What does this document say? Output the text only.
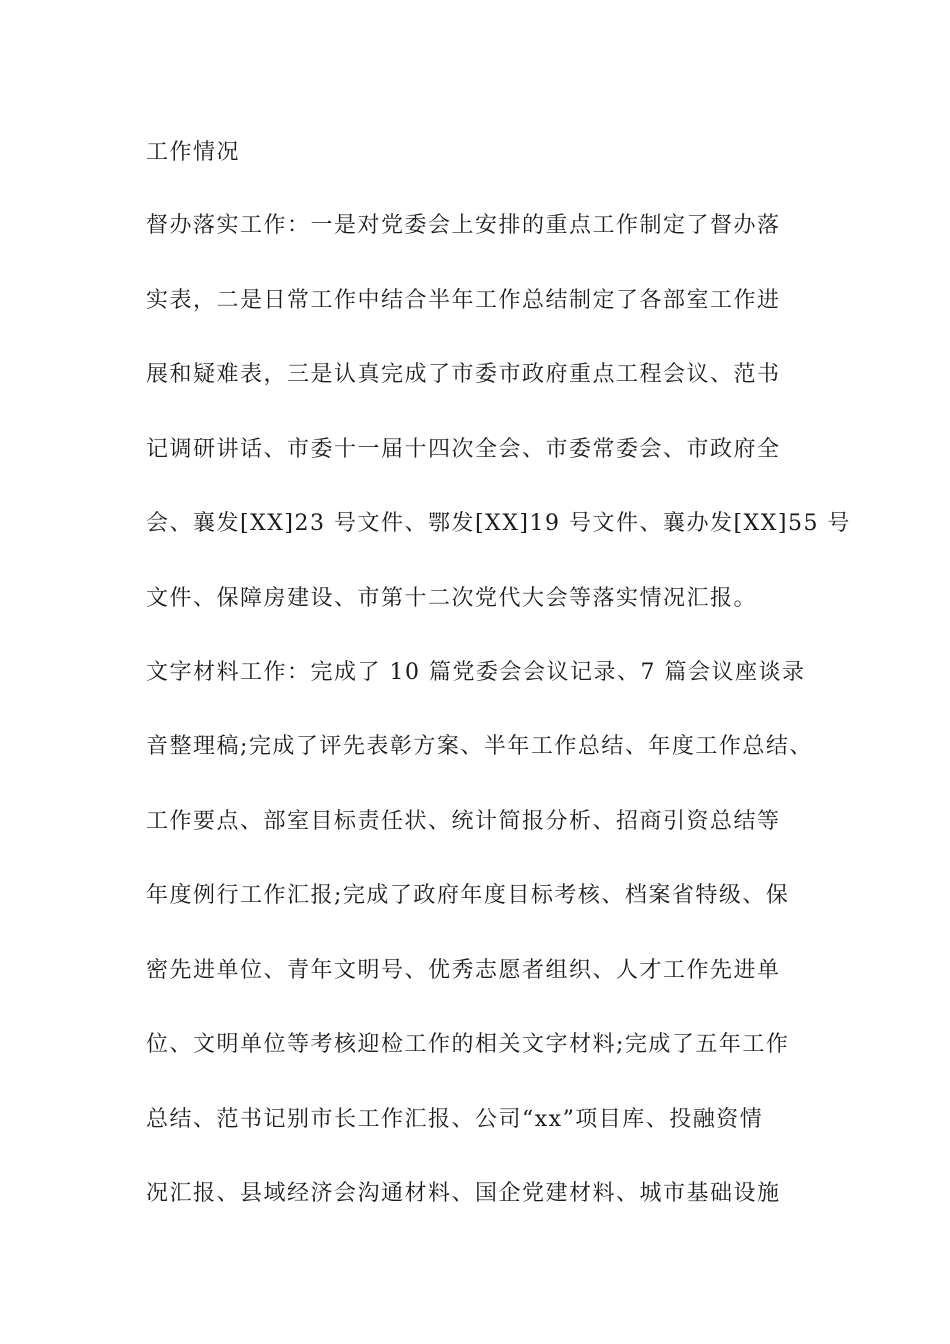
工作情况
督办落实工作：一是对党委会上安排的重点工作制定了督办落
实表，二是日常工作中结合半年工作总结制定了各部室工作进
展和疑难表，三是认真完成了市委市政府重点工程会议、范书
记调研讲话、市委十一届十四次全会、市委常委会、市政府全
会、襄发[XX]23 号文件、鄂发[XX]19 号文件、襄办发[XX]55 号
文件、保障房建设、市第十二次党代大会等落实情况汇报。
文字材料工作：完成了 10 篇党委会会议记录、7 篇会议座谈录
音整理稿;完成了评先表彰方案、半年工作总结、年度工作总结、
工作要点、部室目标责任状、统计简报分析、招商引资总结等
年度例行工作汇报;完成了政府年度目标考核、档案省特级、保
密先进单位、青年文明号、优秀志愿者组织、人才工作先进单
位、文明单位等考核迎检工作的相关文字材料;完成了五年工作
总结、范书记别市长工作汇报、公司“xx”项目库、投融资情
况汇报、县域经济会沟通材料、国企党建材料、城市基础设施
